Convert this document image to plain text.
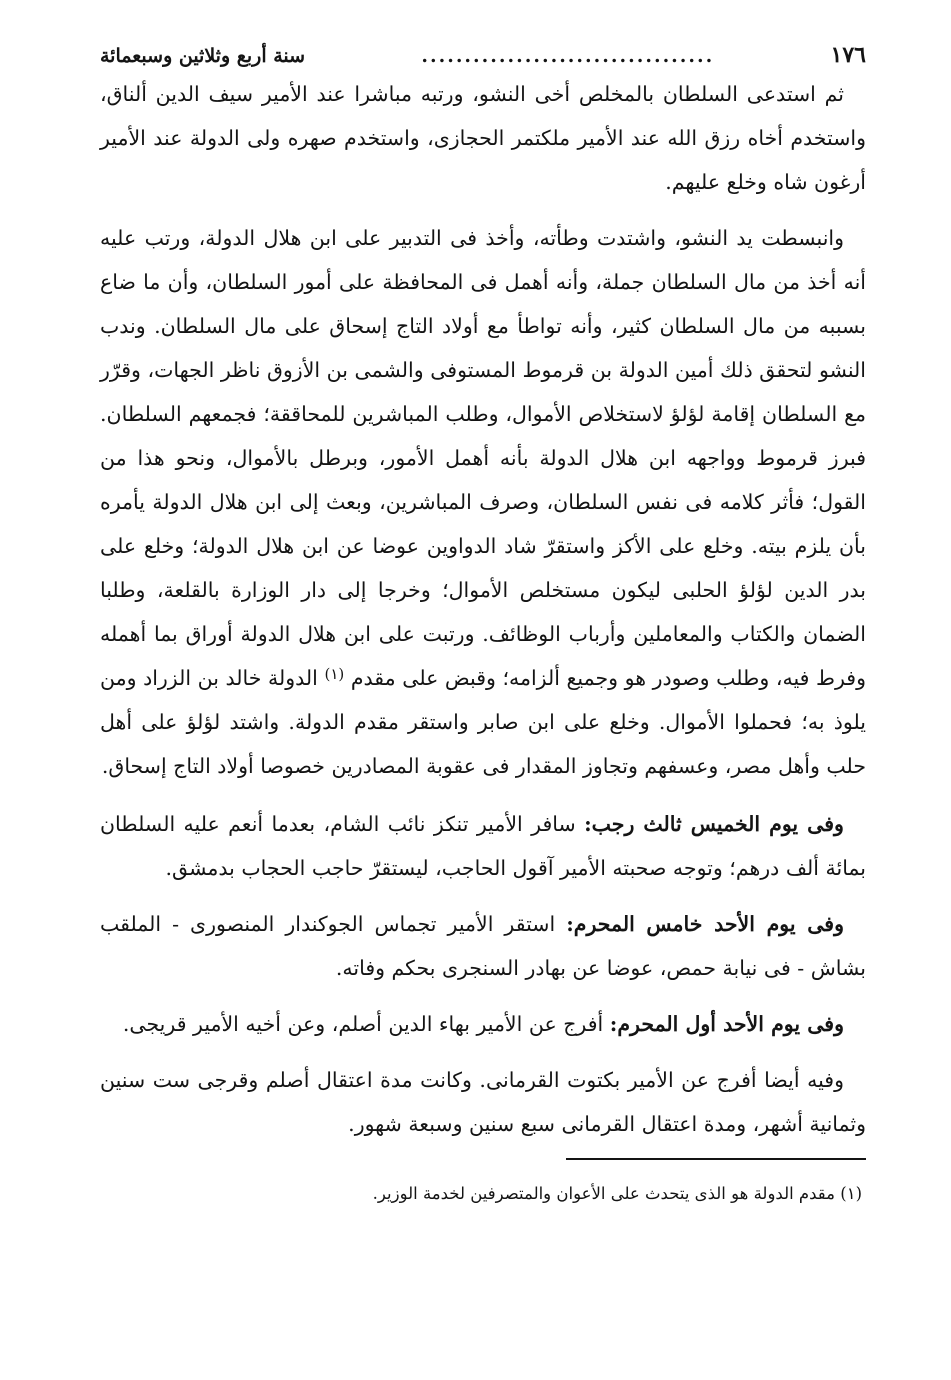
١٧٦
..................................
سنة أربع وثلاثين وسبعمائة

ثم استدعى السلطان بالمخلص أخى النشو، ورتبه مباشرا عند الأمير سيف الدين ألناق، واستخدم أخاه رزق الله عند الأمير ملكتمر الحجازى، واستخدم صهره ولى الدولة عند الأمير أرغون شاه وخلع عليهم.

وانبسطت يد النشو، واشتدت وطأته، وأخذ فى التدبير على ابن هلال الدولة، ورتب عليه أنه أخذ من مال السلطان جملة، وأنه أهمل فى المحافظة على أمور السلطان، وأن ما ضاع بسببه من مال السلطان كثير، وأنه تواطأ مع أولاد التاج إسحاق على مال السلطان. وندب النشو لتحقق ذلك أمين الدولة بن قرموط المستوفى والشمى بن الأزوق ناظر الجهات، وقرّر مع السلطان إقامة لؤلؤ لاستخلاص الأموال، وطلب المباشرين للمحاققة؛ فجمعهم السلطان. فبرز قرموط وواجهه ابن هلال الدولة بأنه أهمل الأمور، وبرطل بالأموال، ونحو هذا من القول؛ فأثر كلامه فى نفس السلطان، وصرف المباشرين، وبعث إلى ابن هلال الدولة يأمره بأن يلزم بيته. وخلع على الأكز واستقرّ شاد الدواوين عوضا عن ابن هلال الدولة؛ وخلع على بدر الدين لؤلؤ الحلبى ليكون مستخلص الأموال؛ وخرجا إلى دار الوزارة بالقلعة، وطلبا الضمان والكتاب والمعاملين وأرباب الوظائف. ورتبت على ابن هلال الدولة أوراق بما أهمله وفرط فيه، وطلب وصودر هو وجميع ألزامه؛ وقبض على مقدم $^{(١)}$ الدولة خالد بن الزراد ومن يلوذ به؛ فحملوا الأموال. وخلع على ابن صابر واستقر مقدم الدولة. واشتد لؤلؤ على أهل حلب وأهل مصر، وعسفهم وتجاوز المقدار فى عقوبة المصادرين خصوصا أولاد التاج إسحاق.

وفى يوم الخميس ثالث رجب: سافر الأمير تنكز نائب الشام، بعدما أنعم عليه السلطان بمائة ألف درهم؛ وتوجه صحبته الأمير آقول الحاجب، ليستقرّ حاجب الحجاب بدمشق.

وفى يوم الأحد خامس المحرم: استقر الأمير تجماس الجوكندار المنصورى - الملقب بشاش - فى نيابة حمص، عوضا عن بهادر السنجرى بحكم وفاته.

وفى يوم الأحد أول المحرم: أفرج عن الأمير بهاء الدين أصلم، وعن أخيه الأمير قريجى.

وفيه أيضا أفرج عن الأمير بكتوت القرمانى. وكانت مدة اعتقال أصلم وقرجى ست سنين وثمانية أشهر، ومدة اعتقال القرمانى سبع سنين وسبعة شهور.

(١) مقدم الدولة هو الذى يتحدث على الأعوان والمتصرفين لخدمة الوزير.
